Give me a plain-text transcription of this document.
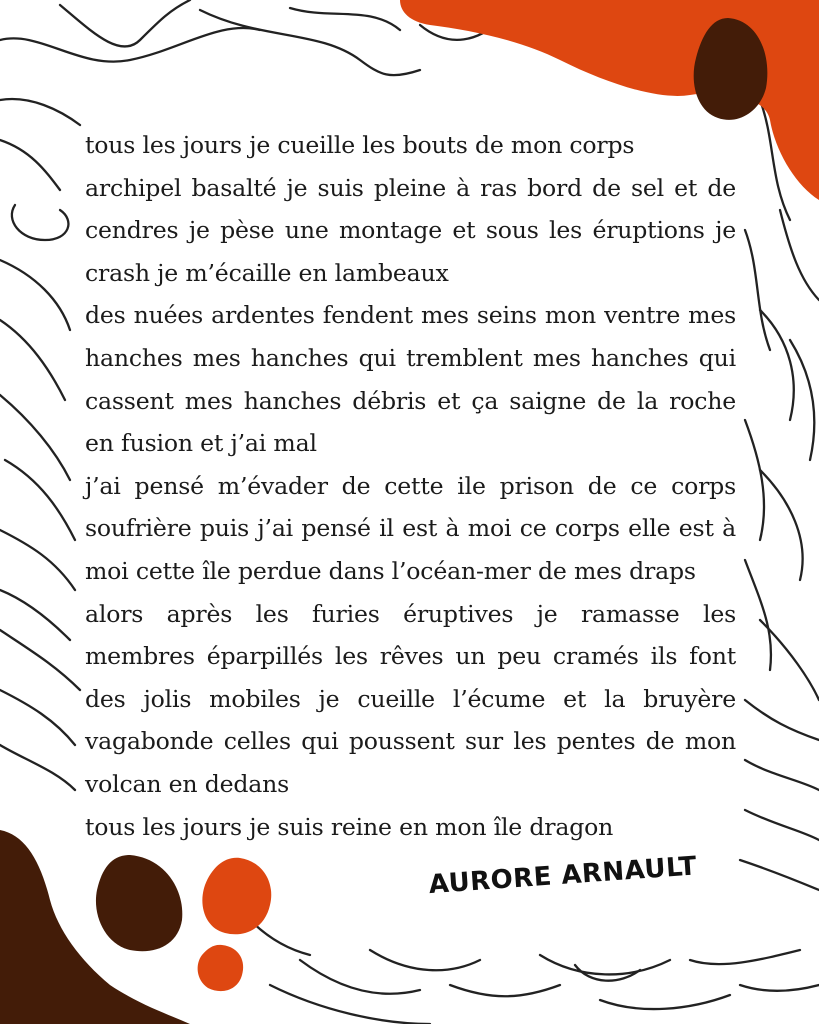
tous les jours je cueille les bouts de mon corps

archipel basalté je suis pleine à ras bord de sel et de cendres je pèse une montage et sous les éruptions je crash je m’écaille en lambeaux

des nuées ardentes fendent mes seins mon ventre mes hanches mes hanches qui tremblent mes hanches qui cassent mes hanches débris et ça saigne de la roche en fusion et j’ai mal

j’ai pensé m’évader de cette ile prison de ce corps soufrière puis j’ai pensé il est à moi ce corps elle est à moi cette île perdue dans l’océan-mer de mes draps

alors après les furies éruptives je ramasse les membres éparpillés les rêves un peu cramés ils font des jolis mobiles je cueille l’écume et la bruyère vagabonde celles qui poussent sur les pentes de mon volcan en dedans

tous les jours je suis reine en mon île dragon

AURORE ARNAULT
